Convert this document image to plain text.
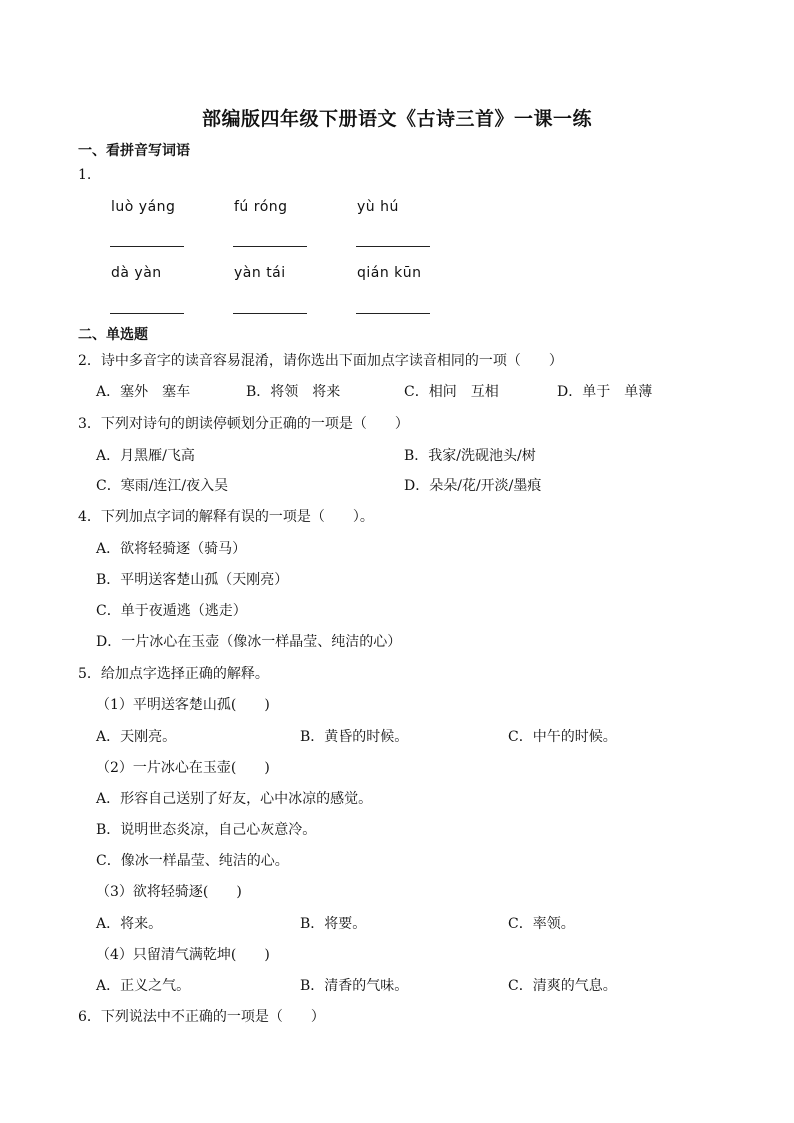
部编版四年级下册语文《古诗三首》一课一练
一、看拼音写词语
1.
luò yáng	fú róng	yù hú
dà yàn	yàn tái	qián kūn
二、单选题
2．诗中多音字的读音容易混淆，请你选出下面加点字读音相同的一项（　　）
A．塞外　塞车	B．将领　将来	C．相问　互相	D．单于　单薄
3．下列对诗句的朗读停顿划分正确的一项是（　　）
A．月黑雁/飞高	B．我家/洗砚池头/树
C．寒雨/连江/夜入吴	D．朵朵/花/开淡/墨痕
4．下列加点字词的解释有误的一项是（　　）。
A．欲将轻骑逐（骑马）
B．平明送客楚山孤（天刚亮）
C．单于夜遁逃（逃走）
D．一片冰心在玉壶（像冰一样晶莹、纯洁的心）
5．给加点字选择正确的解释。
（1）平明送客楚山孤(　　)
A．天刚亮。	B．黄昏的时候。	C．中午的时候。
（2）一片冰心在玉壶(　　)
A．形容自己送别了好友，心中冰凉的感觉。
B．说明世态炎凉，自己心灰意冷。
C．像冰一样晶莹、纯洁的心。
（3）欲将轻骑逐(　　)
A．将来。	B．将要。	C．率领。
（4）只留清气满乾坤(　　)
A．正义之气。	B．清香的气味。	C．清爽的气息。
6．下列说法中不正确的一项是（　　）
